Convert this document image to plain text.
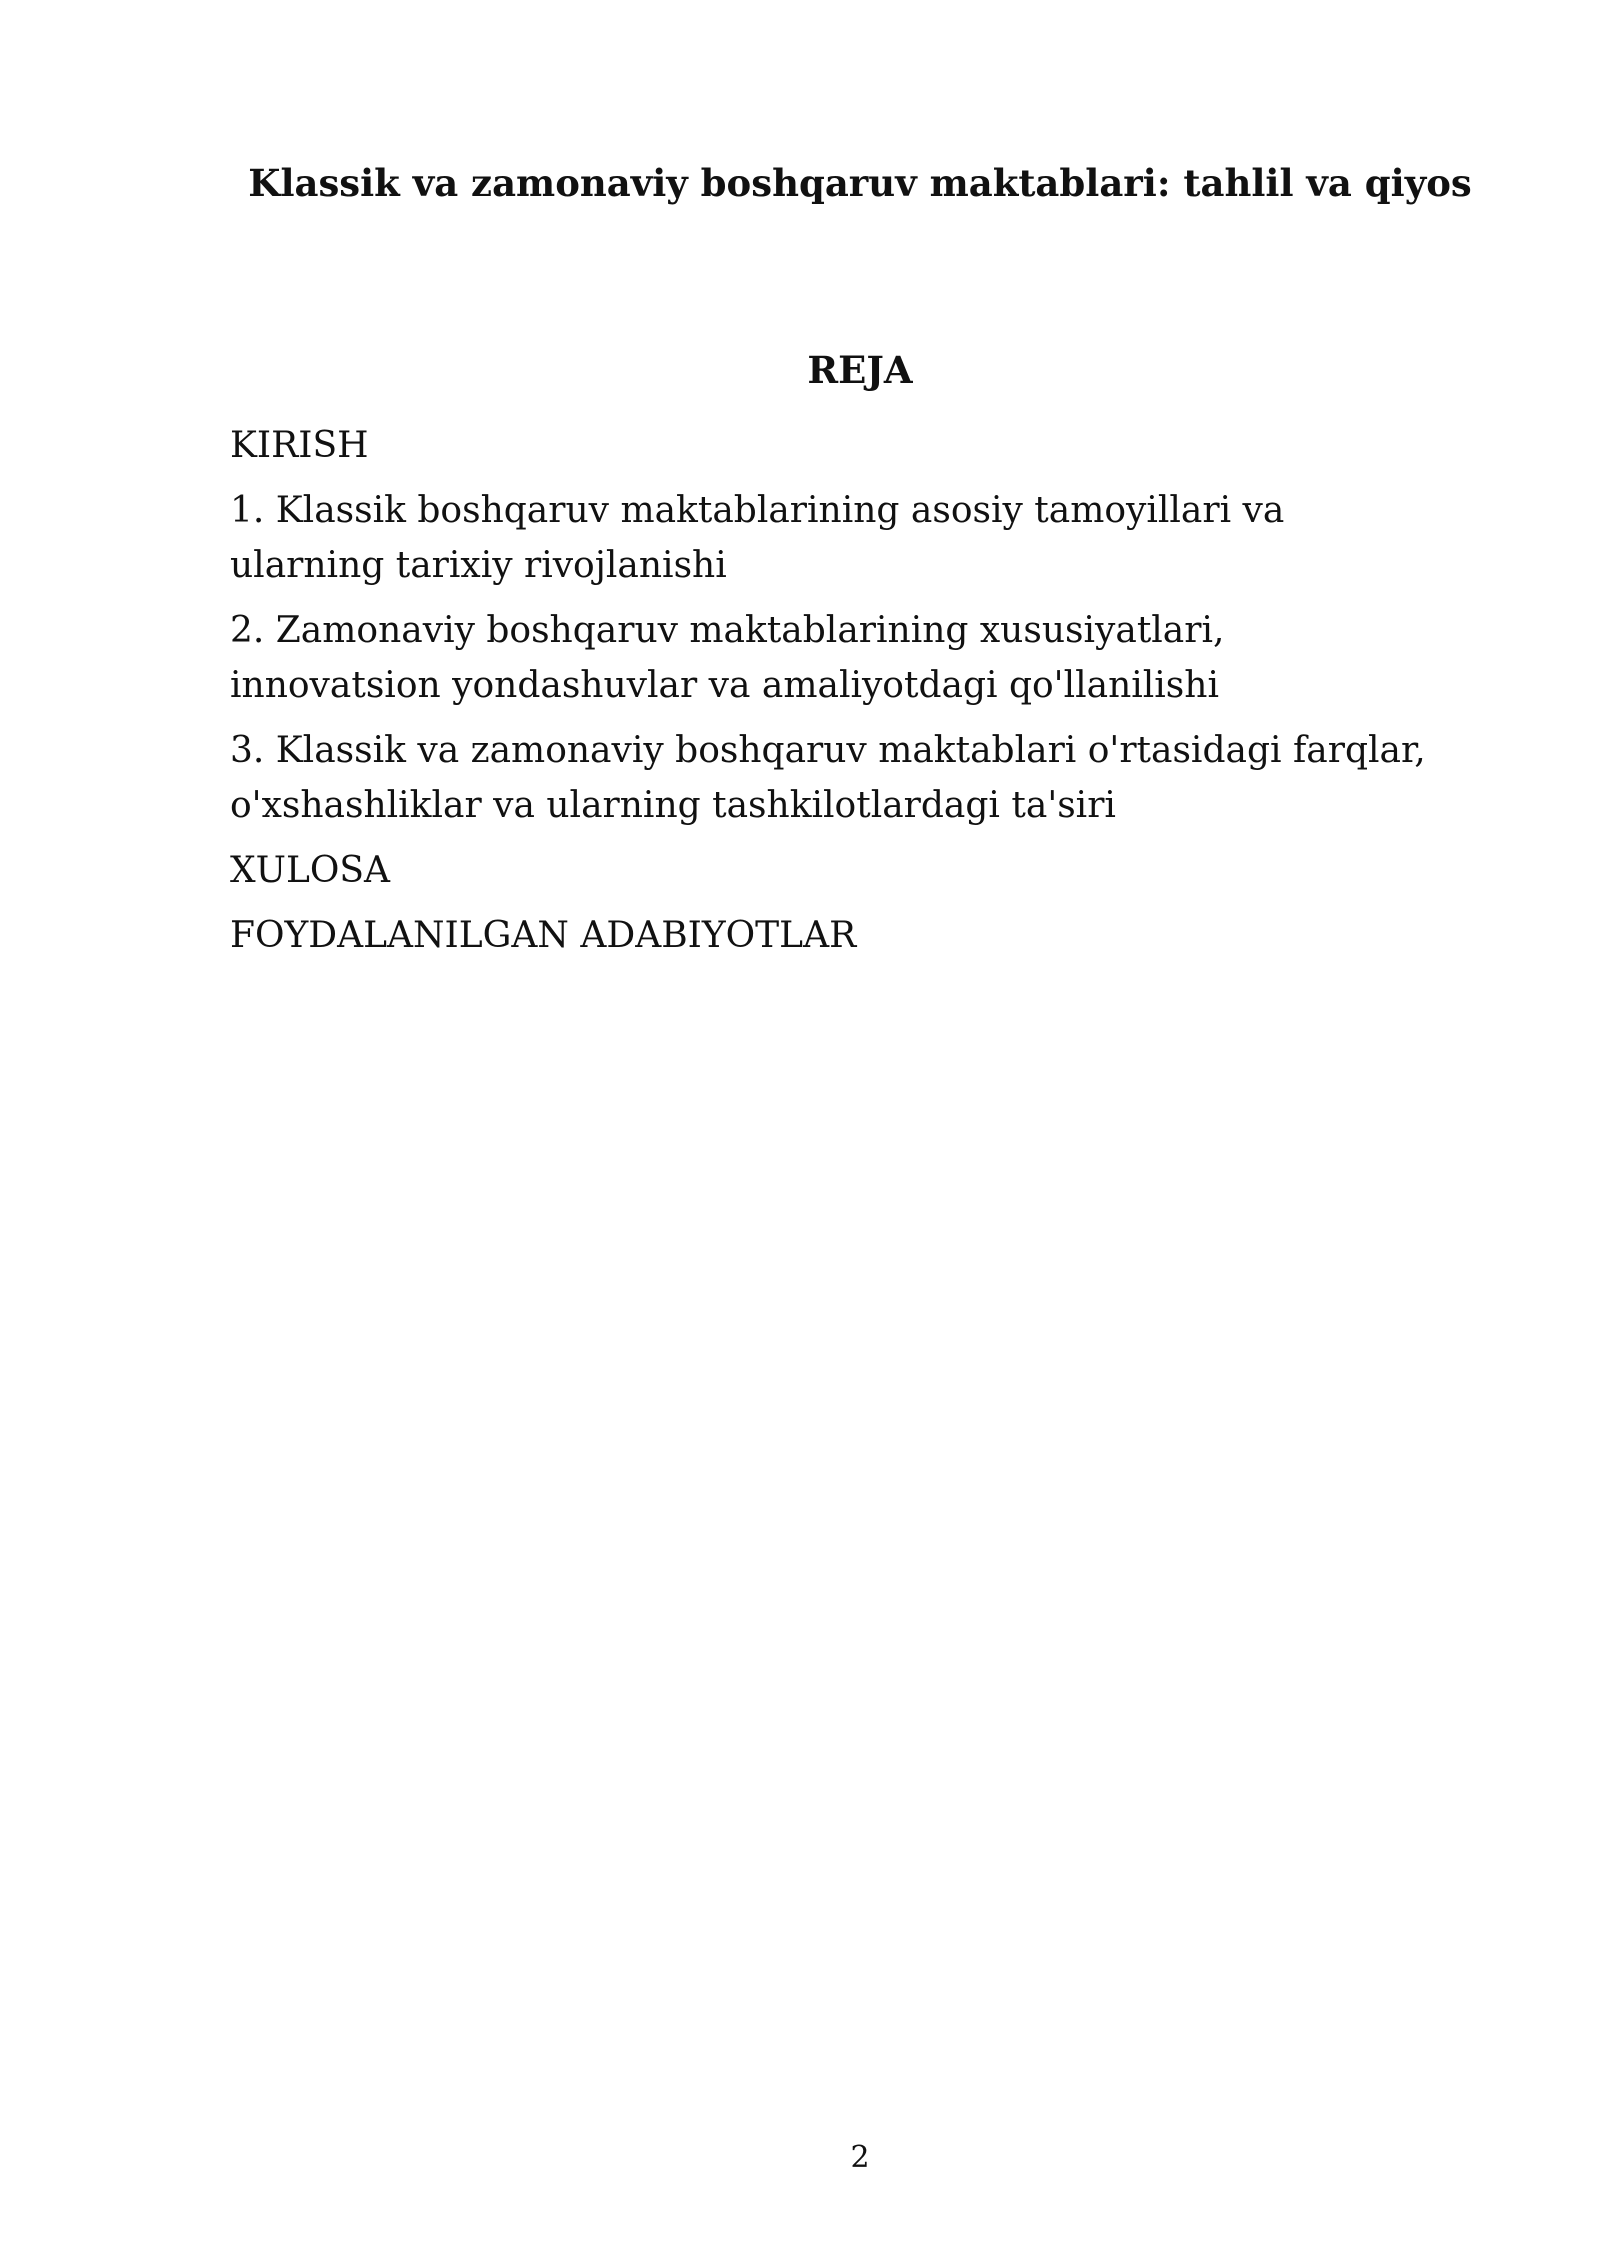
Klassik va zamonaviy boshqaruv maktablari: tahlil va qiyos
REJA
KIRISH
1. Klassik boshqaruv maktablarining asosiy tamoyillari va
ularning tarixiy rivojlanishi
2. Zamonaviy boshqaruv maktablarining xususiyatlari,
innovatsion yondashuvlar va amaliyotdagi qo'llanilishi
3. Klassik va zamonaviy boshqaruv maktablari o'rtasidagi farqlar,
o'xshashliklar va ularning tashkilotlardagi ta'siri
XULOSA
FOYDALANILGAN ADABIYOTLAR
2
